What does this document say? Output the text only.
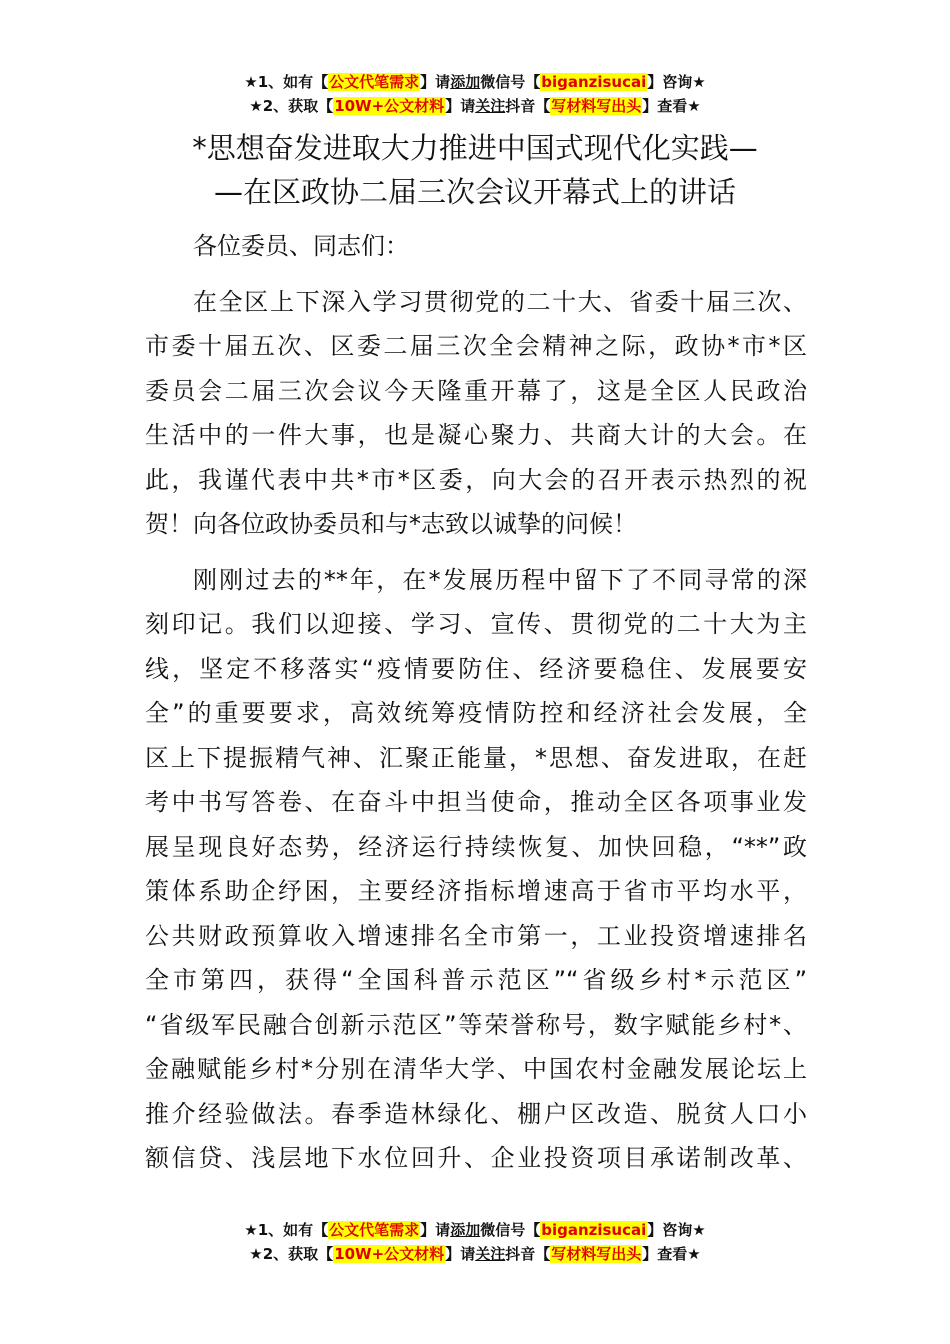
★1、如有【公文代笔需求】请添加微信号【biganzisucai】咨询★
★2、获取【10W+公文材料】请关注抖音【写材料写出头】查看★
*思想奋发进取大力推进中国式现代化实践—
—在区政协二届三次会议开幕式上的讲话

各位委员、同志们：

在全区上下深入学习贯彻党的二十大、省委十届三次、
市委十届五次、区委二届三次全会精神之际，政协*市*区
委员会二届三次会议今天隆重开幕了，这是全区人民政治
生活中的一件大事，也是凝心聚力、共商大计的大会。在
此，我谨代表中共*市*区委，向大会的召开表示热烈的祝
贺！向各位政协委员和与*志致以诚挚的问候！
刚刚过去的**年，在*发展历程中留下了不同寻常的深
刻印记。我们以迎接、学习、宣传、贯彻党的二十大为主
线，坚定不移落实“疫情要防住、经济要稳住、发展要安
全”的重要要求，高效统筹疫情防控和经济社会发展，全
区上下提振精气神、汇聚正能量，*思想、奋发进取，在赶
考中书写答卷、在奋斗中担当使命，推动全区各项事业发
展呈现良好态势，经济运行持续恢复、加快回稳，“**”政
策体系助企纾困，主要经济指标增速高于省市平均水平，
公共财政预算收入增速排名全市第一，工业投资增速排名
全市第四，获得“全国科普示范区”“省级乡村*示范区”
“省级军民融合创新示范区”等荣誉称号，数字赋能乡村*、
金融赋能乡村*分别在清华大学、中国农村金融发展论坛上
推介经验做法。春季造林绿化、棚户区改造、脱贫人口小
额信贷、浅层地下水位回升、企业投资项目承诺制改革、
★1、如有【公文代笔需求】请添加微信号【biganzisucai】咨询★
★2、获取【10W+公文材料】请关注抖音【写材料写出头】查看★
